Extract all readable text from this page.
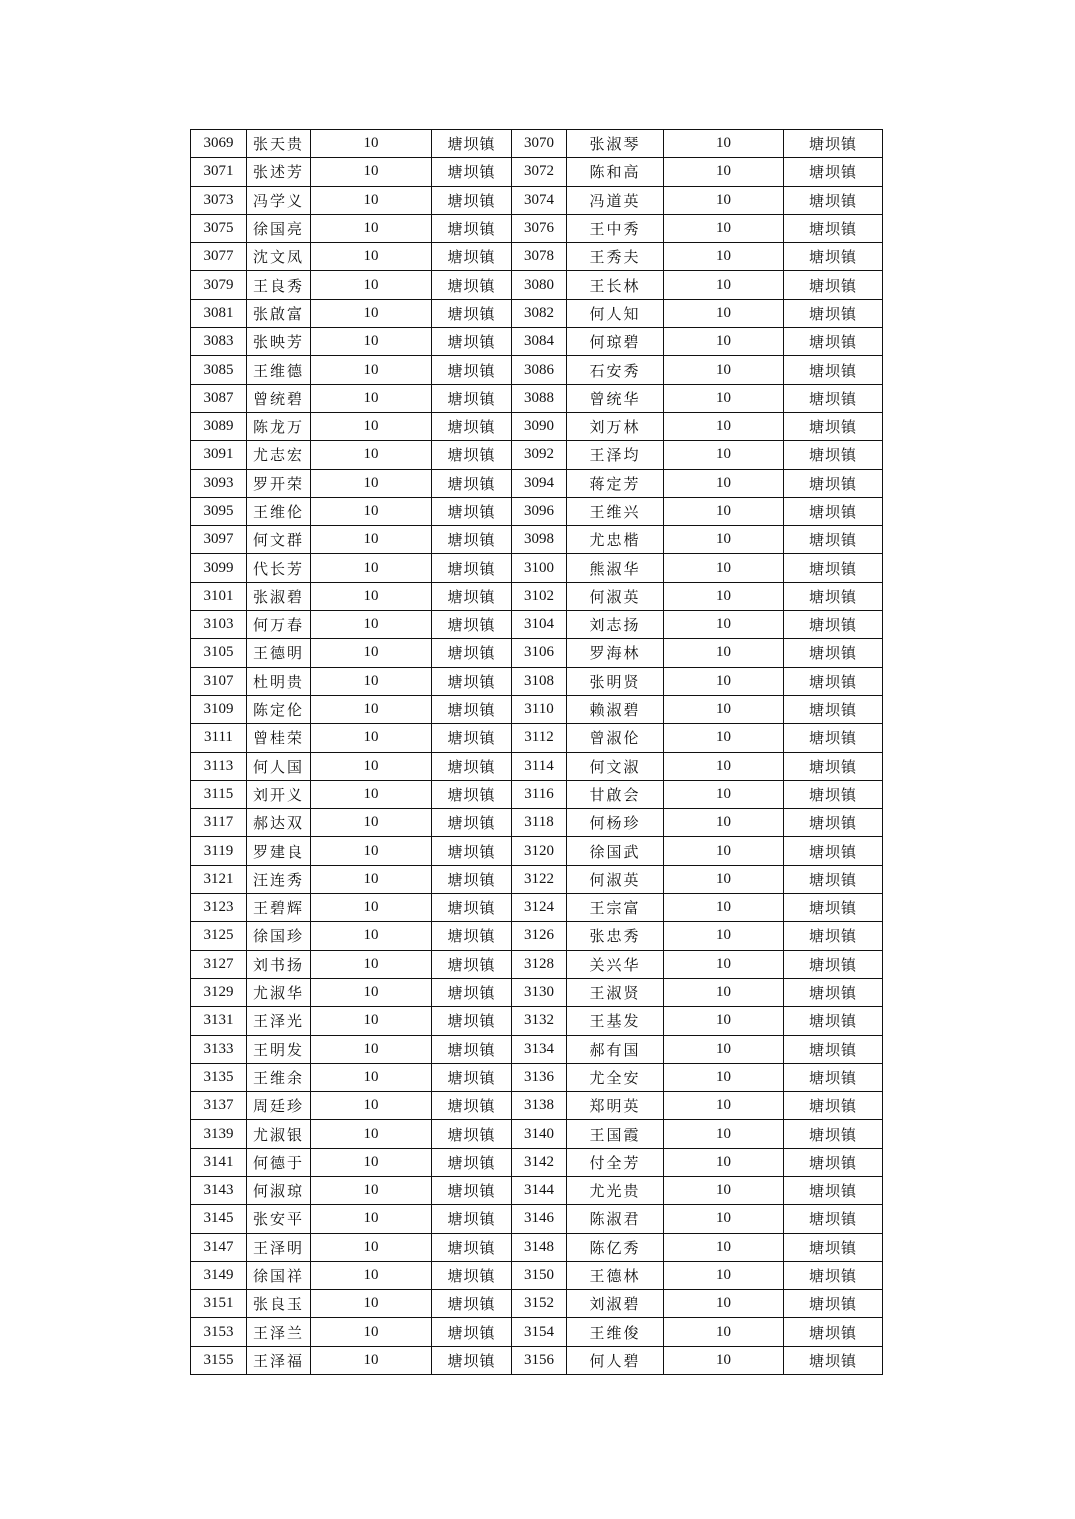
3069	张天贵	10	塘坝镇	3070	张淑琴	10	塘坝镇
3071	张述芳	10	塘坝镇	3072	陈和高	10	塘坝镇
3073	冯学义	10	塘坝镇	3074	冯道英	10	塘坝镇
3075	徐国亮	10	塘坝镇	3076	王中秀	10	塘坝镇
3077	沈文凤	10	塘坝镇	3078	王秀夫	10	塘坝镇
3079	王良秀	10	塘坝镇	3080	王长林	10	塘坝镇
3081	张啟富	10	塘坝镇	3082	何人知	10	塘坝镇
3083	张映芳	10	塘坝镇	3084	何琼碧	10	塘坝镇
3085	王维德	10	塘坝镇	3086	石安秀	10	塘坝镇
3087	曾统碧	10	塘坝镇	3088	曾统华	10	塘坝镇
3089	陈龙万	10	塘坝镇	3090	刘万林	10	塘坝镇
3091	尤志宏	10	塘坝镇	3092	王泽均	10	塘坝镇
3093	罗开荣	10	塘坝镇	3094	蒋定芳	10	塘坝镇
3095	王维伦	10	塘坝镇	3096	王维兴	10	塘坝镇
3097	何文群	10	塘坝镇	3098	尤忠楷	10	塘坝镇
3099	代长芳	10	塘坝镇	3100	熊淑华	10	塘坝镇
3101	张淑碧	10	塘坝镇	3102	何淑英	10	塘坝镇
3103	何万春	10	塘坝镇	3104	刘志扬	10	塘坝镇
3105	王德明	10	塘坝镇	3106	罗海林	10	塘坝镇
3107	杜明贵	10	塘坝镇	3108	张明贤	10	塘坝镇
3109	陈定伦	10	塘坝镇	3110	赖淑碧	10	塘坝镇
3111	曾桂荣	10	塘坝镇	3112	曾淑伦	10	塘坝镇
3113	何人国	10	塘坝镇	3114	何文淑	10	塘坝镇
3115	刘开义	10	塘坝镇	3116	甘啟会	10	塘坝镇
3117	郝达双	10	塘坝镇	3118	何杨珍	10	塘坝镇
3119	罗建良	10	塘坝镇	3120	徐国武	10	塘坝镇
3121	汪连秀	10	塘坝镇	3122	何淑英	10	塘坝镇
3123	王碧辉	10	塘坝镇	3124	王宗富	10	塘坝镇
3125	徐国珍	10	塘坝镇	3126	张忠秀	10	塘坝镇
3127	刘书扬	10	塘坝镇	3128	关兴华	10	塘坝镇
3129	尤淑华	10	塘坝镇	3130	王淑贤	10	塘坝镇
3131	王泽光	10	塘坝镇	3132	王基发	10	塘坝镇
3133	王明发	10	塘坝镇	3134	郝有国	10	塘坝镇
3135	王维余	10	塘坝镇	3136	尤全安	10	塘坝镇
3137	周廷珍	10	塘坝镇	3138	郑明英	10	塘坝镇
3139	尤淑银	10	塘坝镇	3140	王国霞	10	塘坝镇
3141	何德于	10	塘坝镇	3142	付全芳	10	塘坝镇
3143	何淑琼	10	塘坝镇	3144	尤光贵	10	塘坝镇
3145	张安平	10	塘坝镇	3146	陈淑君	10	塘坝镇
3147	王泽明	10	塘坝镇	3148	陈亿秀	10	塘坝镇
3149	徐国祥	10	塘坝镇	3150	王德林	10	塘坝镇
3151	张良玉	10	塘坝镇	3152	刘淑碧	10	塘坝镇
3153	王泽兰	10	塘坝镇	3154	王维俊	10	塘坝镇
3155	王泽福	10	塘坝镇	3156	何人碧	10	塘坝镇
